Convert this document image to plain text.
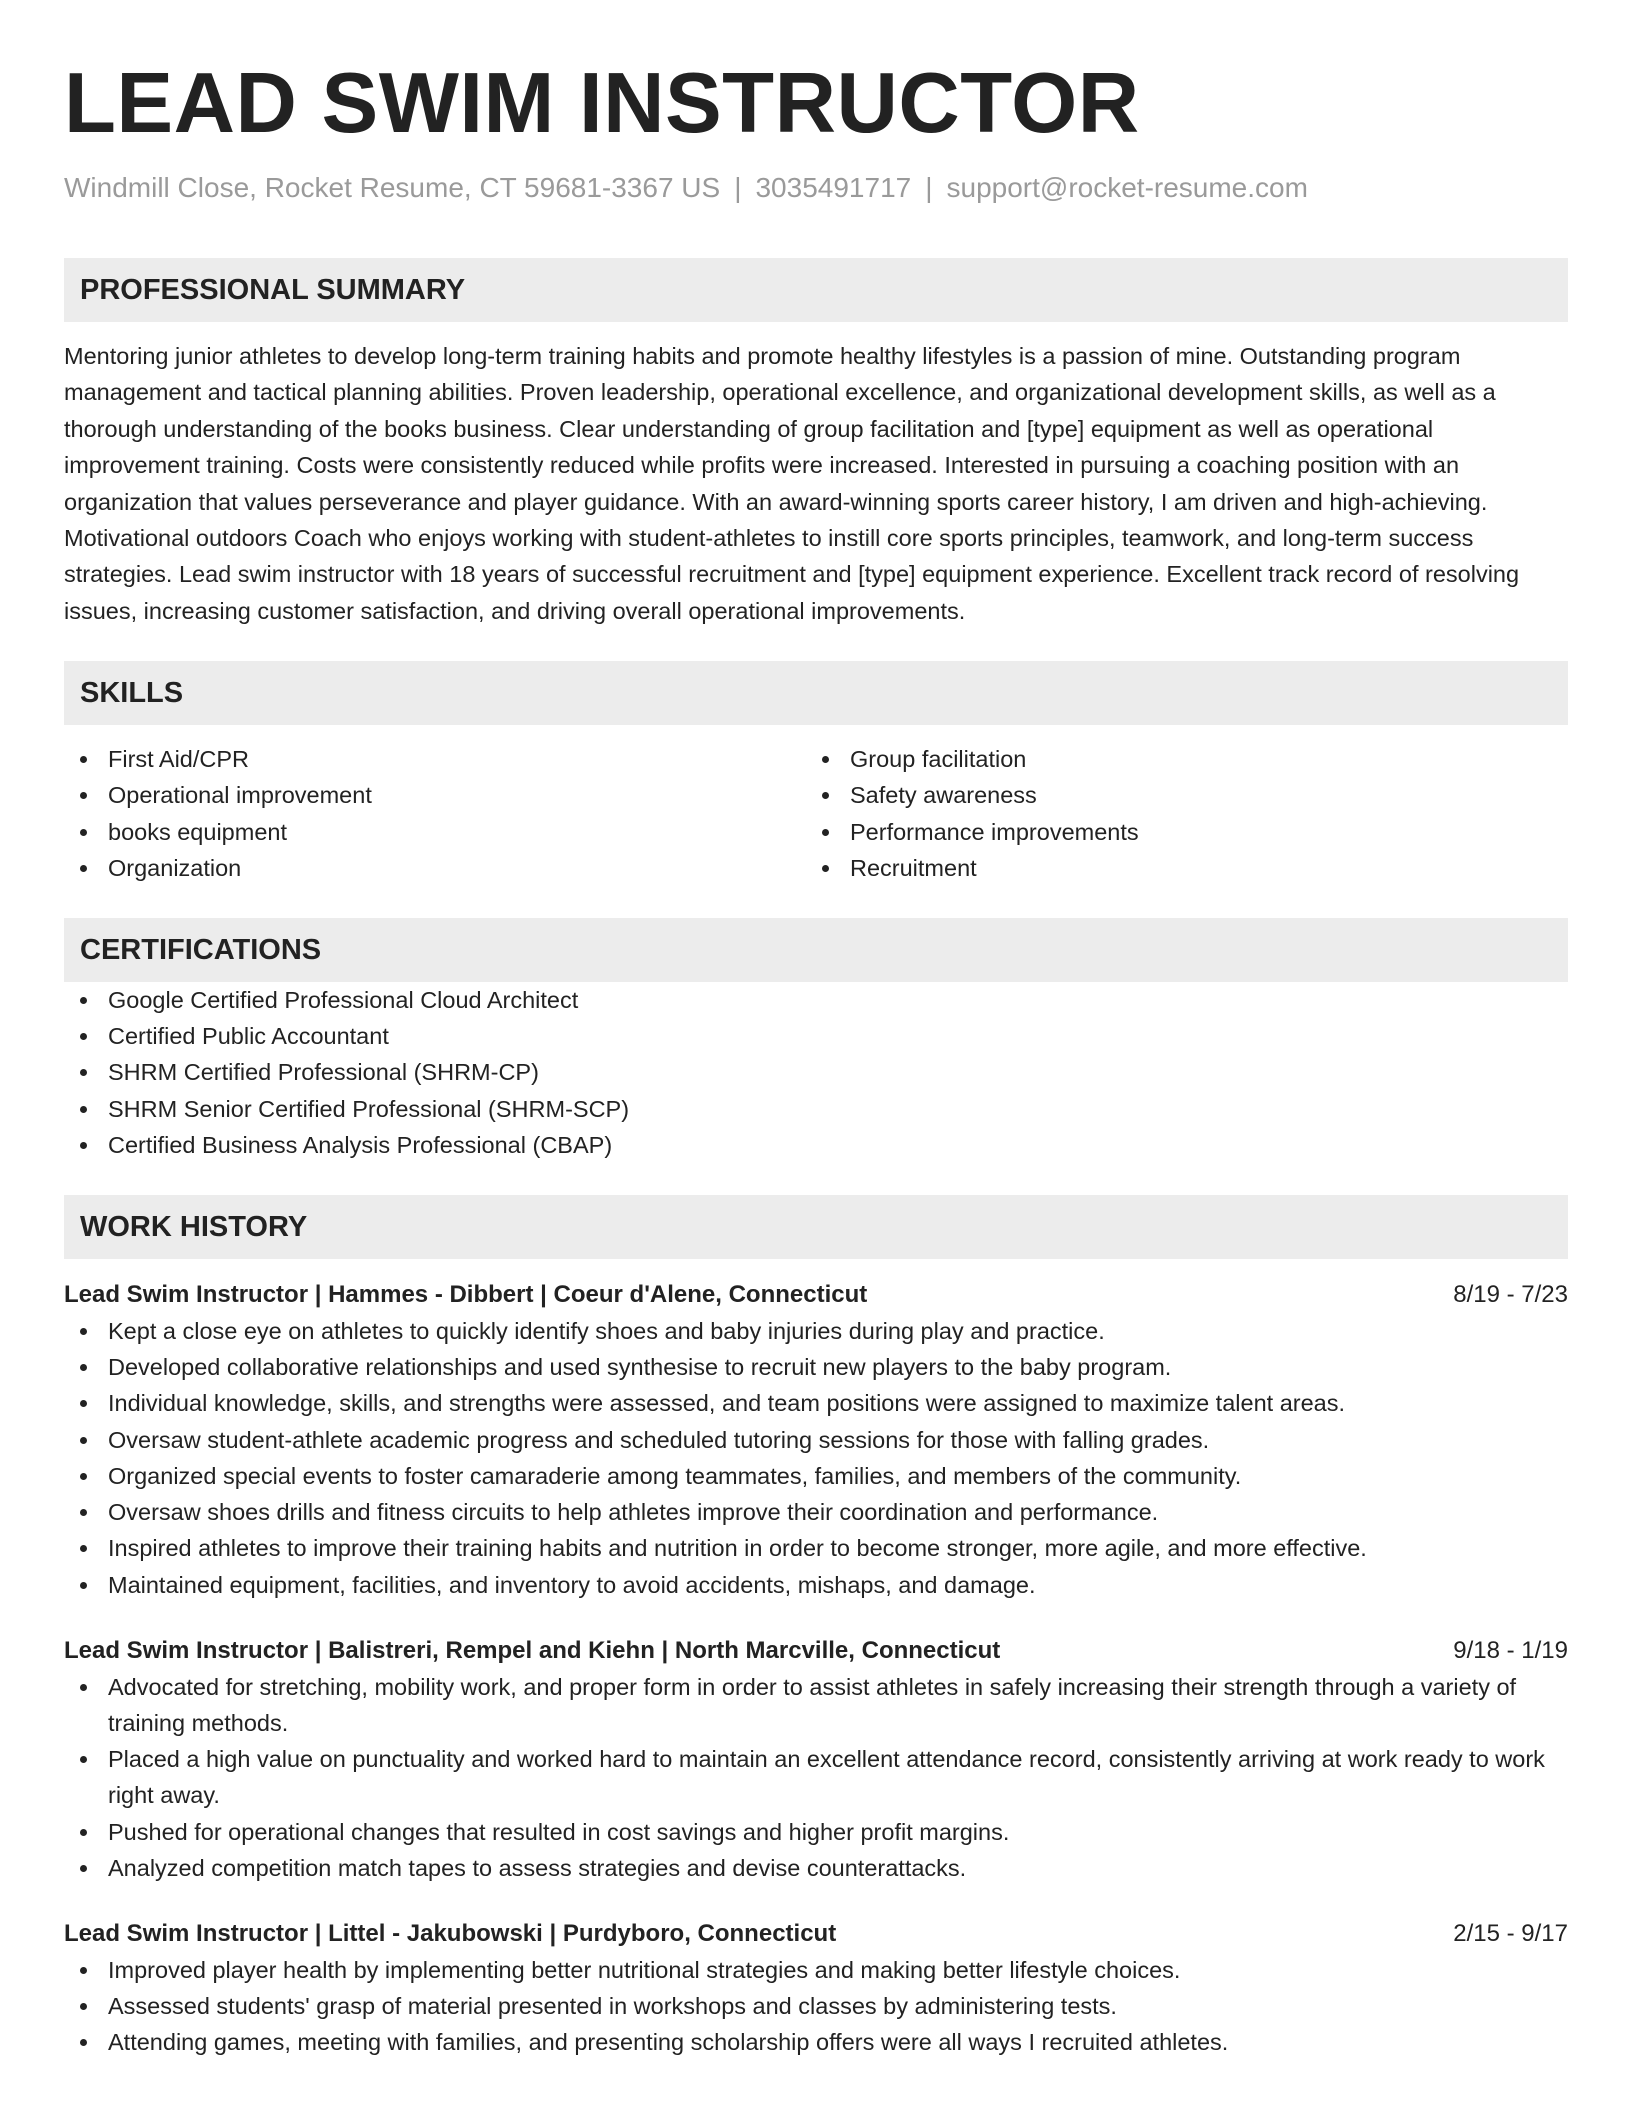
LEAD SWIM INSTRUCTOR
Windmill Close, Rocket Resume, CT 59681-3367 US | 3035491717 | support@rocket-resume.com
PROFESSIONAL SUMMARY
Mentoring junior athletes to develop long-term training habits and promote healthy lifestyles is a passion of mine. Outstanding program management and tactical planning abilities. Proven leadership, operational excellence, and organizational development skills, as well as a thorough understanding of the books business. Clear understanding of group facilitation and [type] equipment as well as operational improvement training. Costs were consistently reduced while profits were increased. Interested in pursuing a coaching position with an organization that values perseverance and player guidance. With an award-winning sports career history, I am driven and high-achieving. Motivational outdoors Coach who enjoys working with student-athletes to instill core sports principles, teamwork, and long-term success strategies. Lead swim instructor with 18 years of successful recruitment and [type] equipment experience. Excellent track record of resolving issues, increasing customer satisfaction, and driving overall operational improvements.
SKILLS
First Aid/CPR
Operational improvement
books equipment
Organization
Group facilitation
Safety awareness
Performance improvements
Recruitment
CERTIFICATIONS
Google Certified Professional Cloud Architect
Certified Public Accountant
SHRM Certified Professional (SHRM-CP)
SHRM Senior Certified Professional (SHRM-SCP)
Certified Business Analysis Professional (CBAP)
WORK HISTORY
Lead Swim Instructor | Hammes - Dibbert | Coeur d'Alene, Connecticut	8/19 - 7/23
Kept a close eye on athletes to quickly identify shoes and baby injuries during play and practice.
Developed collaborative relationships and used synthesise to recruit new players to the baby program.
Individual knowledge, skills, and strengths were assessed, and team positions were assigned to maximize talent areas.
Oversaw student-athlete academic progress and scheduled tutoring sessions for those with falling grades.
Organized special events to foster camaraderie among teammates, families, and members of the community.
Oversaw shoes drills and fitness circuits to help athletes improve their coordination and performance.
Inspired athletes to improve their training habits and nutrition in order to become stronger, more agile, and more effective.
Maintained equipment, facilities, and inventory to avoid accidents, mishaps, and damage.
Lead Swim Instructor | Balistreri, Rempel and Kiehn | North Marcville, Connecticut	9/18 - 1/19
Advocated for stretching, mobility work, and proper form in order to assist athletes in safely increasing their strength through a variety of training methods.
Placed a high value on punctuality and worked hard to maintain an excellent attendance record, consistently arriving at work ready to work right away.
Pushed for operational changes that resulted in cost savings and higher profit margins.
Analyzed competition match tapes to assess strategies and devise counterattacks.
Lead Swim Instructor | Littel - Jakubowski | Purdyboro, Connecticut	2/15 - 9/17
Improved player health by implementing better nutritional strategies and making better lifestyle choices.
Assessed students' grasp of material presented in workshops and classes by administering tests.
Attending games, meeting with families, and presenting scholarship offers were all ways I recruited athletes.
